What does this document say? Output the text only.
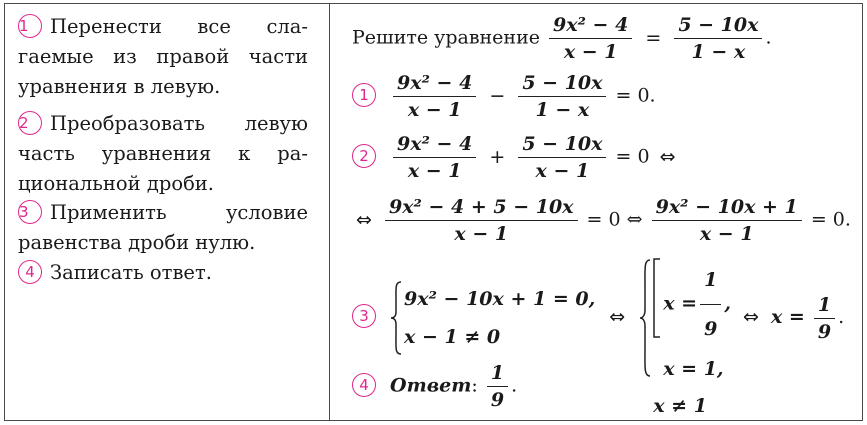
1 Перенести все сла-
гаемые из правой части
уравнения в левую.
2 Преобразовать левую
часть уравнения к ра-
циональной дроби.
3 Применить условие
равенства дроби нулю.
4 Записать ответ.
Решите уравнение $\frac{\text{9x² − 4}}{x - 1} = \frac{5 - 10x}{1 - x}$ .
$1 \frac{\text{9x² − 4}}{x - 1} - \frac{5 - 10x}{1 - x} = 0$.
$2 \frac{\text{9x² − 4}}{x - 1} + \frac{5 - 10x}{x - 1} = 0$ ⇔
⇔ $\frac{\text{9x² − 4 + 5 − 10x}}{x - 1} = 0$ ⇔ $\frac{\text{9x² − 10x + 1}}{x - 1} = 0$.
3
9x² − 10x + 1 = 0,
x − 1 ≠ 0
⇔
$x = \frac{1}{9}$ ,
x = 1,
x ≠ 1
⇔ $x = \frac{1}{9}$ .
4 Ответ: $\frac{1}{9}$ .
